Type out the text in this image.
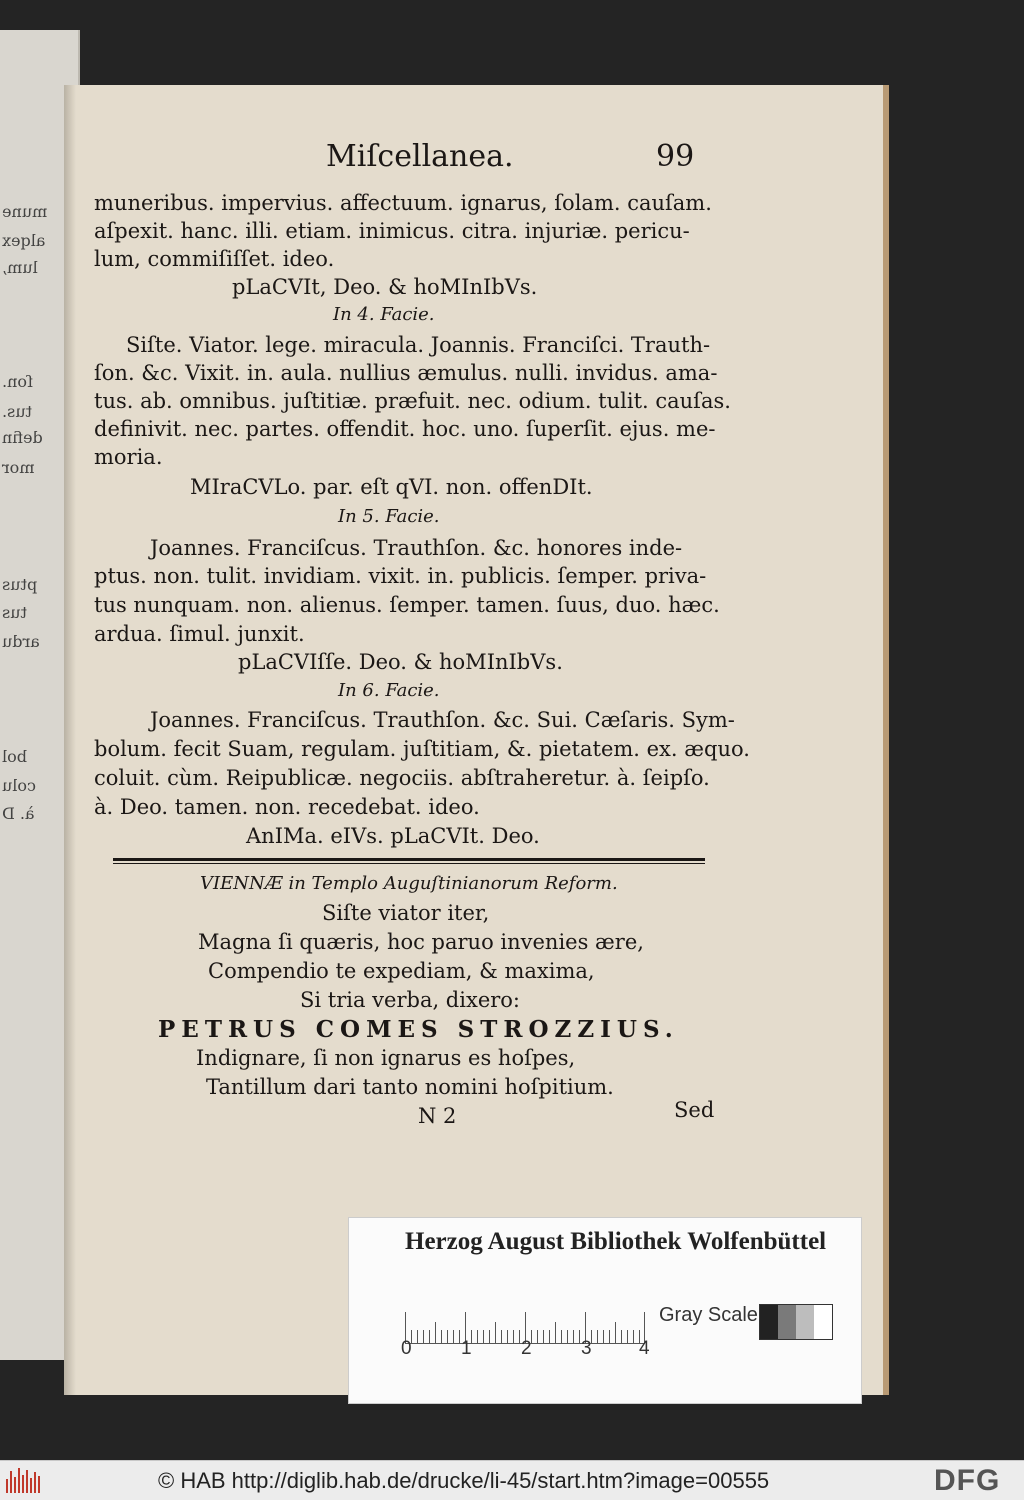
mune
alqex
lum,
ſon.
tus.
defin
mor
ptus
tus
ardu
bol
colu
à. D
Miſcellanea.	99
muneribus. impervius. affectuum. ignarus, ſolam. cauſam.
aſpexit. hanc. illi. etiam. inimicus. citra. injuriæ. pericu-
lum, commiſiſſet. ideo.
pLaCVIt, Deo. & hoMInIbVs.
In 4. Facie.
Siſte. Viator. lege. miracula. Joannis. Franciſci. Trauth-
ſon. &c. Vixit. in. aula. nullius æmulus. nulli. invidus. ama-
tus. ab. omnibus. juſtitiæ. præfuit. nec. odium. tulit. cauſas.
definivit. nec. partes. offendit. hoc. uno. ſuperſit. ejus. me-
moria.
MIraCVLo. par. eſt qVI. non. offenDIt.
In 5. Facie.
Joannes. Franciſcus. Trauthſon. &c. honores inde-
ptus. non. tulit. invidiam. vixit. in. publicis. ſemper. priva-
tus nunquam. non. alienus. ſemper. tamen. ſuus, duo. hæc.
ardua. ſimul. junxit.
pLaCVIſſe. Deo. & hoMInIbVs.
In 6. Facie.
Joannes. Franciſcus. Trauthſon. &c. Sui. Cæſaris. Sym-
bolum. fecit Suam, regulam. juſtitiam, &. pietatem. ex. æquo.
coluit. cùm. Reipublicæ. negociis. abſtraheretur. à. ſeipſo.
à. Deo. tamen. non. recedebat. ideo.
AnIMa. eIVs. pLaCVIt. Deo.
VIENNÆ in Templo Auguſtinianorum Reform.
Siſte viator iter,
Magna ſi quæris, hoc paruo invenies ære,
Compendio te expediam, & maxima,
Si tria verba, dixero:
PETRUS COMES STROZZIUS.
Indignare, ſi non ignarus es hoſpes,
Tantillum dari tanto nomini hoſpitium.
N 2	Sed
Herzog August Bibliothek Wolfenbüttel
0	1	2	3 4
Gray Scale
© HAB http://diglib.hab.de/drucke/li-45/start.htm?image=00555	DFG
